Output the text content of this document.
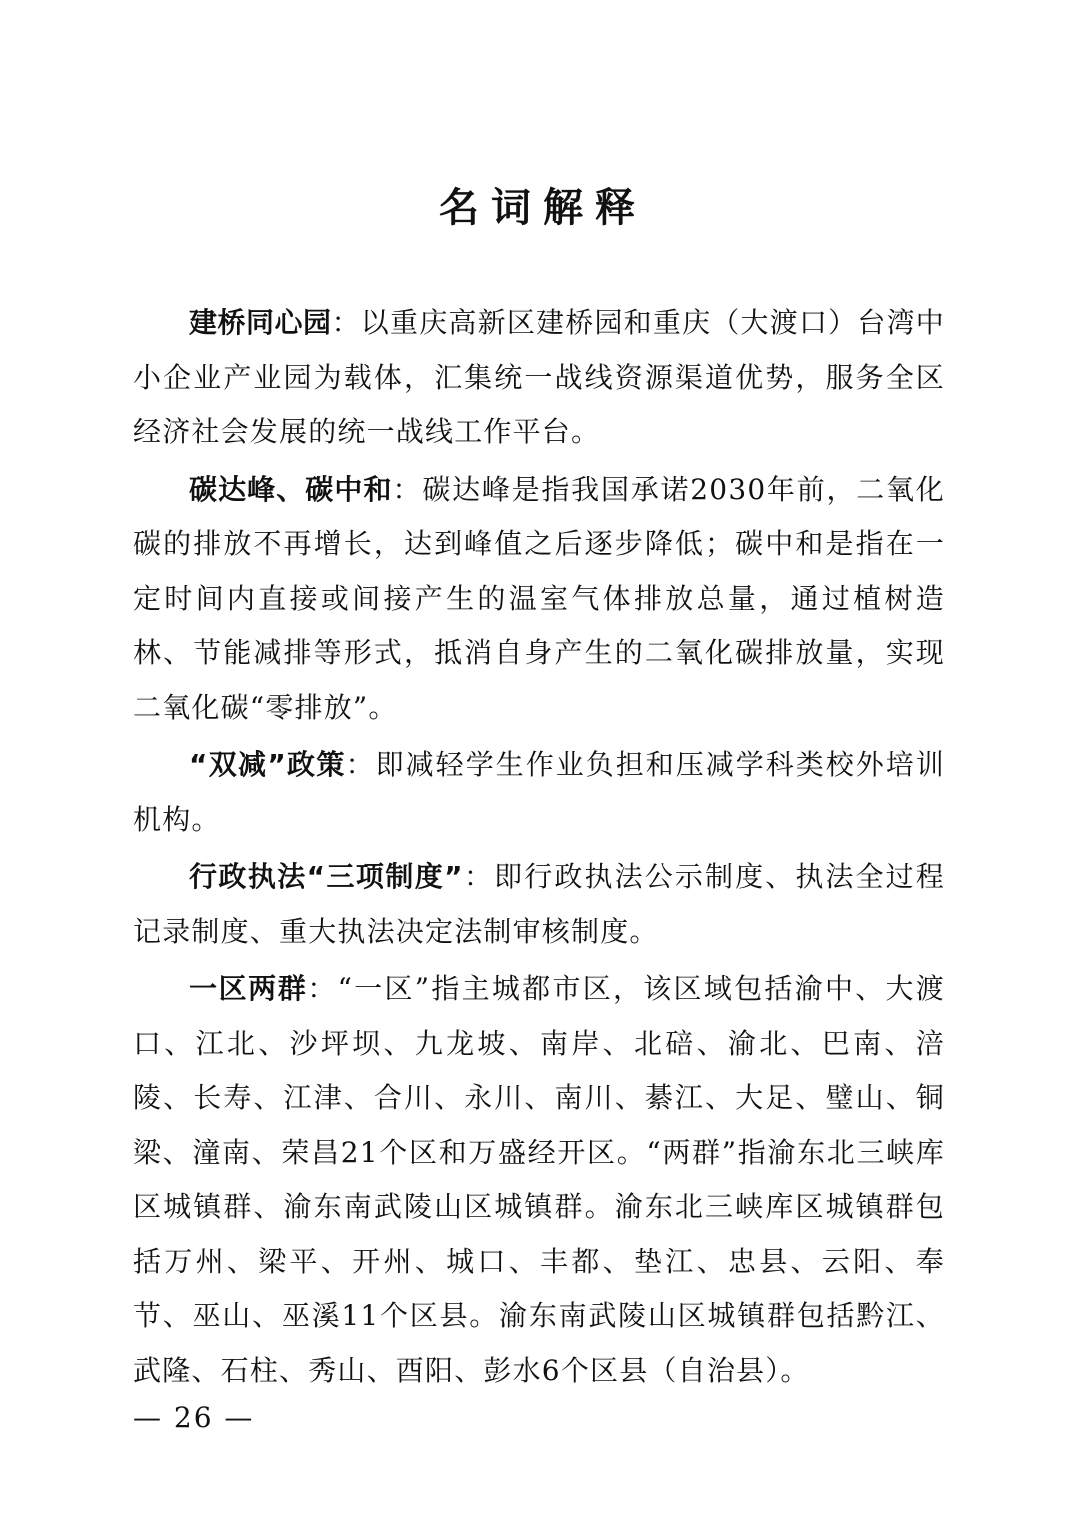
名词解释

建桥同心园：以重庆高新区建桥园和重庆（大渡口）台湾中小企业产业园为载体，汇集统一战线资源渠道优势，服务全区经济社会发展的统一战线工作平台。

碳达峰、碳中和：碳达峰是指我国承诺2030年前，二氧化碳的排放不再增长，达到峰值之后逐步降低；碳中和是指在一定时间内直接或间接产生的温室气体排放总量，通过植树造林、节能减排等形式，抵消自身产生的二氧化碳排放量，实现二氧化碳“零排放”。

“双减”政策：即减轻学生作业负担和压减学科类校外培训机构。

行政执法“三项制度”：即行政执法公示制度、执法全过程记录制度、重大执法决定法制审核制度。

一区两群：“一区”指主城都市区，该区域包括渝中、大渡口、江北、沙坪坝、九龙坡、南岸、北碚、渝北、巴南、涪陵、长寿、江津、合川、永川、南川、綦江、大足、璧山、铜梁、潼南、荣昌21个区和万盛经开区。“两群”指渝东北三峡库区城镇群、渝东南武陵山区城镇群。渝东北三峡库区城镇群包括万州、梁平、开州、城口、丰都、垫江、忠县、云阳、奉节、巫山、巫溪11个区县。渝东南武陵山区城镇群包括黔江、武隆、石柱、秀山、酉阳、彭水6个区县（自治县）。

— 26 —
